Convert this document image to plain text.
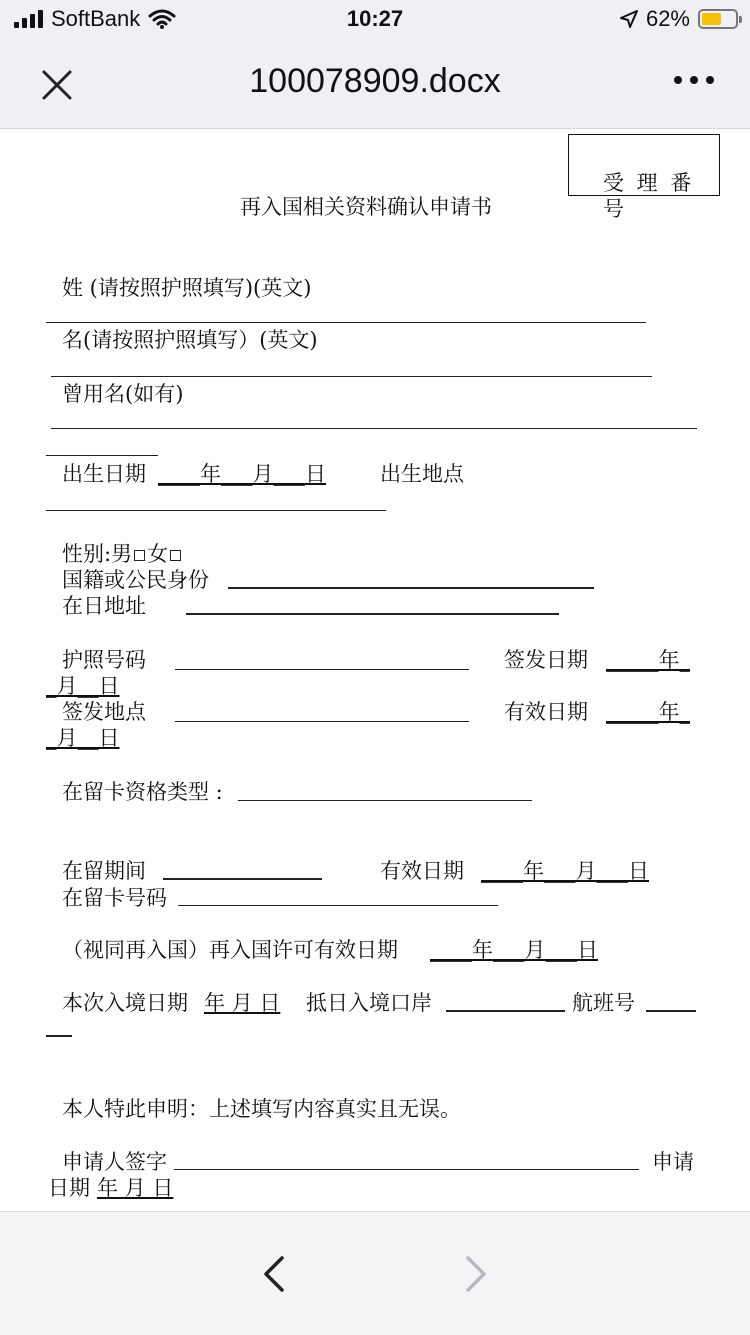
SoftBank	10:27	62%
100078909.docx
受 理 番
号
再入国相关资料确认申请书
姓 (请按照护照填写)(英文)
名(请按照护照填写）(英文)
曾用名(如有)
出生日期 ____年___月___日	出生地点
性别:男 女
国籍或公民身份
在日地址
护照号码	签发日期 _____年_
_月__日
签发地点	有效日期 _____年_
_月__日
在留卡资格类型 :
在留期间	有效日期 ____年___月___日
在留卡号码
（视同再入国）再入国许可有效日期 ____年___月___日
本次入境日期 年 月 日 抵日入境口岸	航班号
本人特此申明：上述填写内容真实且无误。
申请人签字	申请
日期 年 月 日
